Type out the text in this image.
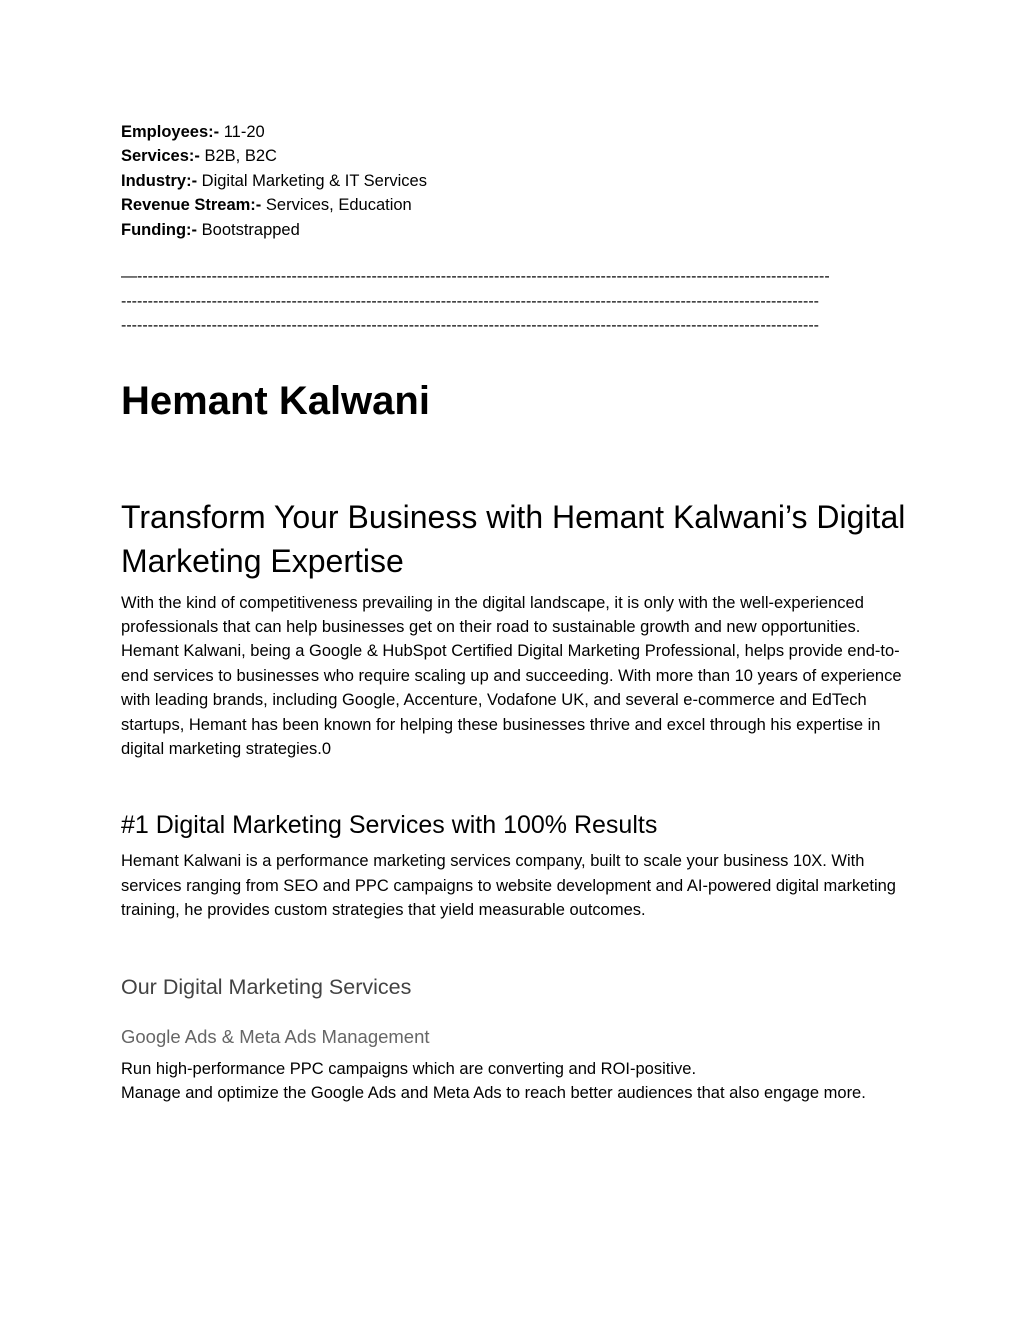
Employees:- 11-20

Services:- B2B, B2C

Industry:- Digital Marketing & IT Services

Revenue Stream:- Services, Education

Funding:- Bootstrapped

—----------------------------------------------------------------------------------------------------------------------------------
-----------------------------------------------------------------------------------------------------------------------------------
-----------------------------------------------------------------------------------------------------------------------------------
Hemant Kalwani
Transform Your Business with Hemant Kalwani’s Digital Marketing Expertise

With the kind of competitiveness prevailing in the digital landscape, it is only with the well-experienced professionals that can help businesses get on their road to sustainable growth and new opportunities. Hemant Kalwani, being a Google & HubSpot Certified Digital Marketing Professional, helps provide end-to-end services to businesses who require scaling up and succeeding. With more than 10 years of experience with leading brands, including Google, Accenture, Vodafone UK, and several e-commerce and EdTech startups, Hemant has been known for helping these businesses thrive and excel through his expertise in digital marketing strategies.0

#1 Digital Marketing Services with 100% Results

Hemant Kalwani is a performance marketing services company, built to scale your business 10X. With services ranging from SEO and PPC campaigns to website development and AI-powered digital marketing training, he provides custom strategies that yield measurable outcomes.

Our Digital Marketing Services
Google Ads & Meta Ads Management

Run high-performance PPC campaigns which are converting and ROI-positive.
Manage and optimize the Google Ads and Meta Ads to reach better audiences that also engage more.
